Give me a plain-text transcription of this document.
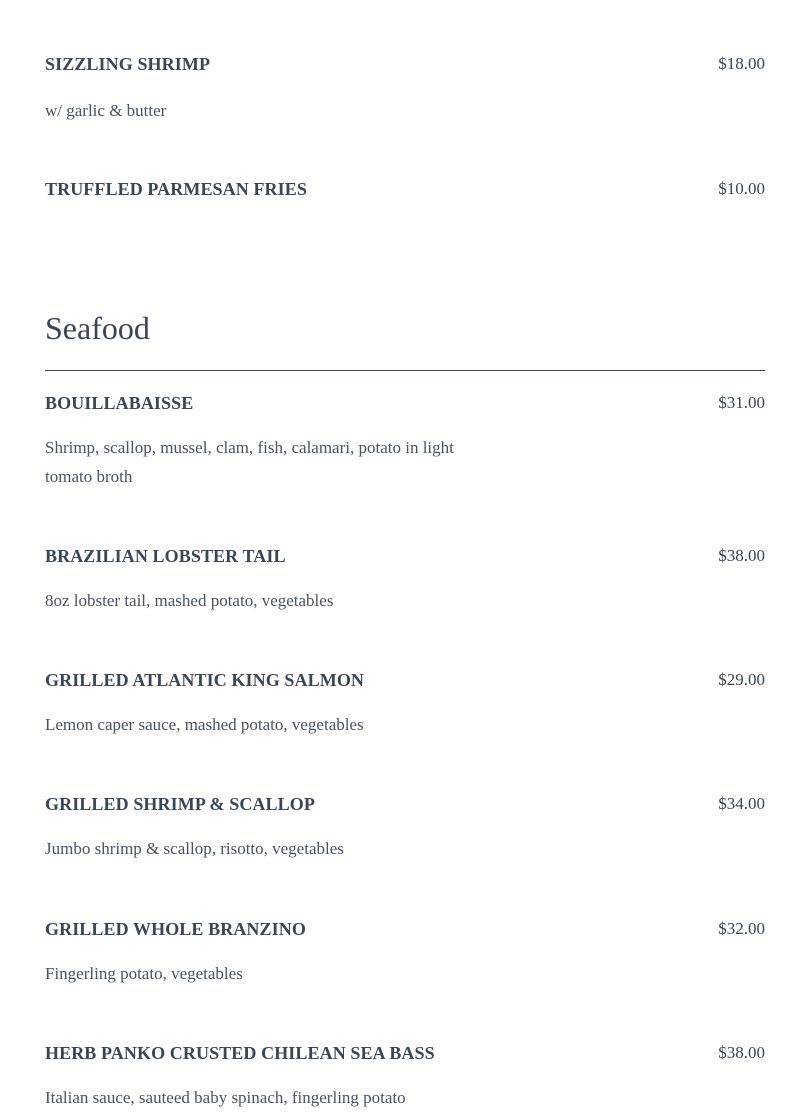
SIZZLING SHRIMP	$18.00
w/ garlic & butter
TRUFFLED PARMESAN FRIES	$10.00
Seafood
BOUILLABAISSE	$31.00
Shrimp, scallop, mussel, clam, fish, calamari, potato in light tomato broth
BRAZILIAN LOBSTER TAIL	$38.00
8oz lobster tail, mashed potato, vegetables
GRILLED ATLANTIC KING SALMON	$29.00
Lemon caper sauce, mashed potato, vegetables
GRILLED SHRIMP & SCALLOP	$34.00
Jumbo shrimp & scallop, risotto, vegetables
GRILLED WHOLE BRANZINO	$32.00
Fingerling potato, vegetables
HERB PANKO CRUSTED CHILEAN SEA BASS	$38.00
Italian sauce, sauteed baby spinach, fingerling potato
